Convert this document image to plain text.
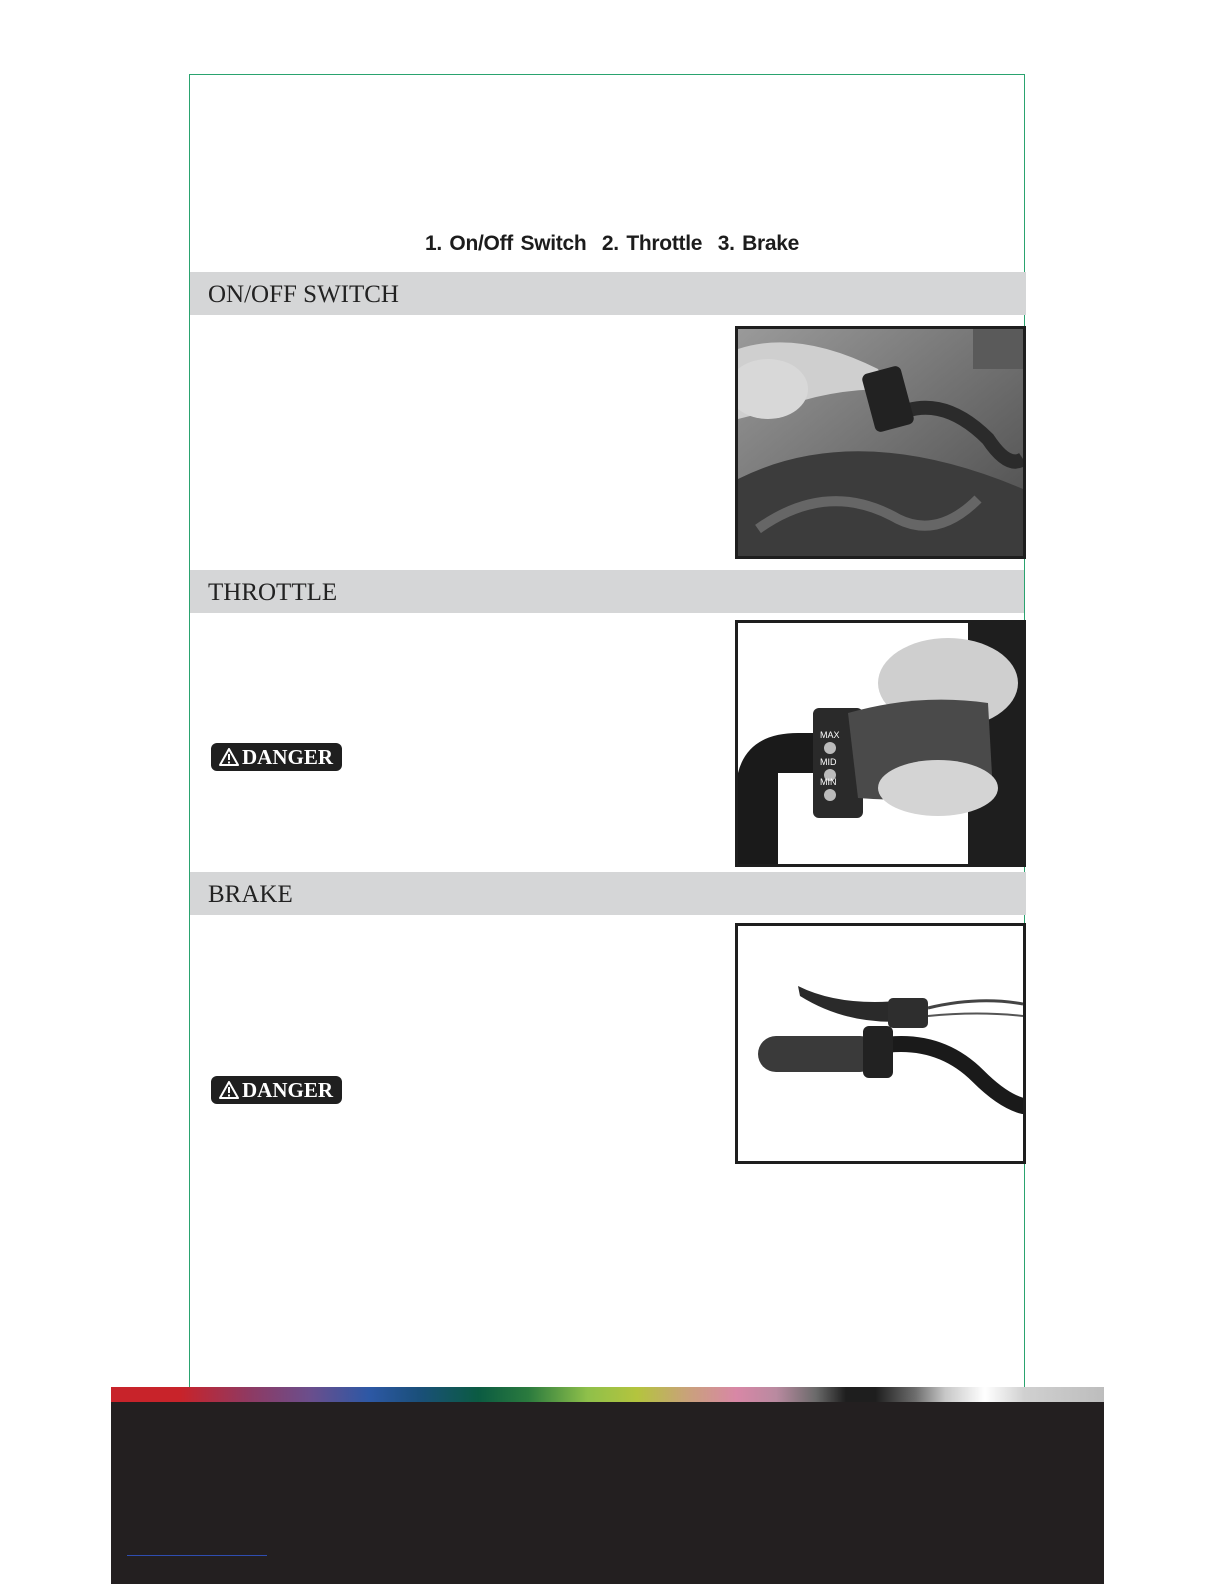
1. On/Off Switch 2. Throttle 3. Brake
ON/OFF SWITCH
THROTTLE
DANGER
MAX
MID
MIN
BRAKE
DANGER
